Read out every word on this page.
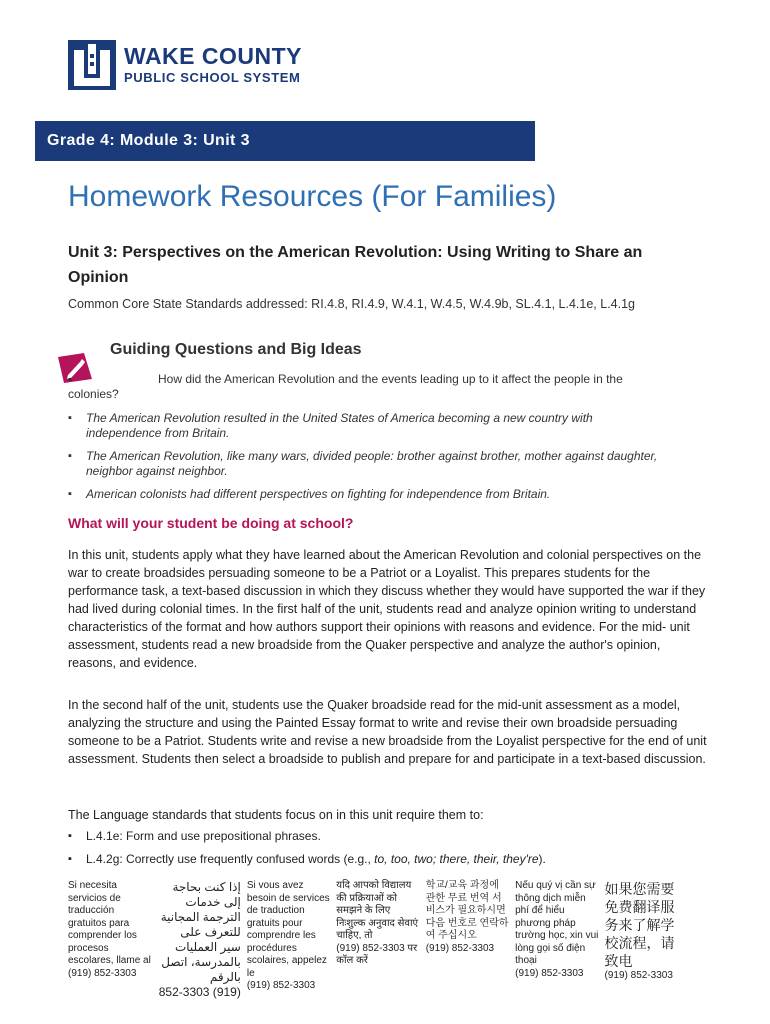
WAKE COUNTY
PUBLIC SCHOOL SYSTEM
Grade 4: Module 3: Unit 3
Homework Resources (For Families)
Unit 3: Perspectives on the American Revolution: Using Writing to Share an Opinion
Common Core State Standards addressed: RI.4.8, RI.4.9, W.4.1, W.4.5, W.4.9b, SL.4.1, L.4.1e, L.4.1g
Guiding Questions and Big Ideas
▪	How did the American Revolution and the events leading up to it affect the people in the colonies?
▪ The American Revolution resulted in the United States of America becoming a new country with independence from Britain.
▪ The American Revolution, like many wars, divided people: brother against brother, mother against daughter, neighbor against neighbor.
▪ American colonists had different perspectives on fighting for independence from Britain.
What will your student be doing at school?

In this unit, students apply what they have learned about the American Revolution and colonial perspectives on the war to create broadsides persuading someone to be a Patriot or a Loyalist. This prepares students for the performance task, a text-based discussion in which they discuss whether they would have supported the war if they had lived during colonial times. In the first half of the unit, students read and analyze opinion writing to understand characteristics of the format and how authors support their opinions with reasons and evidence. For the mid- unit assessment, students read a new broadside from the Quaker perspective and analyze the author's opinion, reasons, and evidence.

In the second half of the unit, students use the Quaker broadside read for the mid-unit assessment as a model, analyzing the structure and using the Painted Essay format to write and revise their own broadside persuading someone to be a Patriot. Students write and revise a new broadside from the Loyalist perspective for the end of unit assessment. Students then select a broadside to publish and prepare for and participate in a text-based discussion.

The Language standards that students focus on in this unit require them to:
▪ L.4.1e: Form and use prepositional phrases.
▪ L.4.2g: Correctly use frequently confused words (e.g., to, too, two; there, their, they're).
Si necesita servicios de traducción gratuitos para comprender los procesos escolares, llame al
(919) 852-3303
إذا كنت بحاجة إلى خدمات الترجمة المجانية للتعرف على سير العمليات بالمدرسة، اتصل بالرقم
(919) 852-3303
Si vous avez besoin de services de traduction gratuits pour comprendre les procédures scolaires, appelez le
(919) 852-3303
यदि आपको विद्यालय की प्रक्रियाओं को समझने के लिए निःशुल्क अनुवाद सेवाएं चाहिए, तो
(919) 852-3303 पर कॉल करें
학교/교육 과정에 관한 무료 번역 서비스가 필요하시면 다음 번호로 연락하여 주십시오
(919) 852-3303
Nếu quý vị cần sự thông dịch miễn phí để hiểu phương pháp trường học, xin vui lòng gọi số điện thoại
(919) 852-3303
如果您需要免费翻译服务来了解学校流程，请致电
(919) 852-3303
